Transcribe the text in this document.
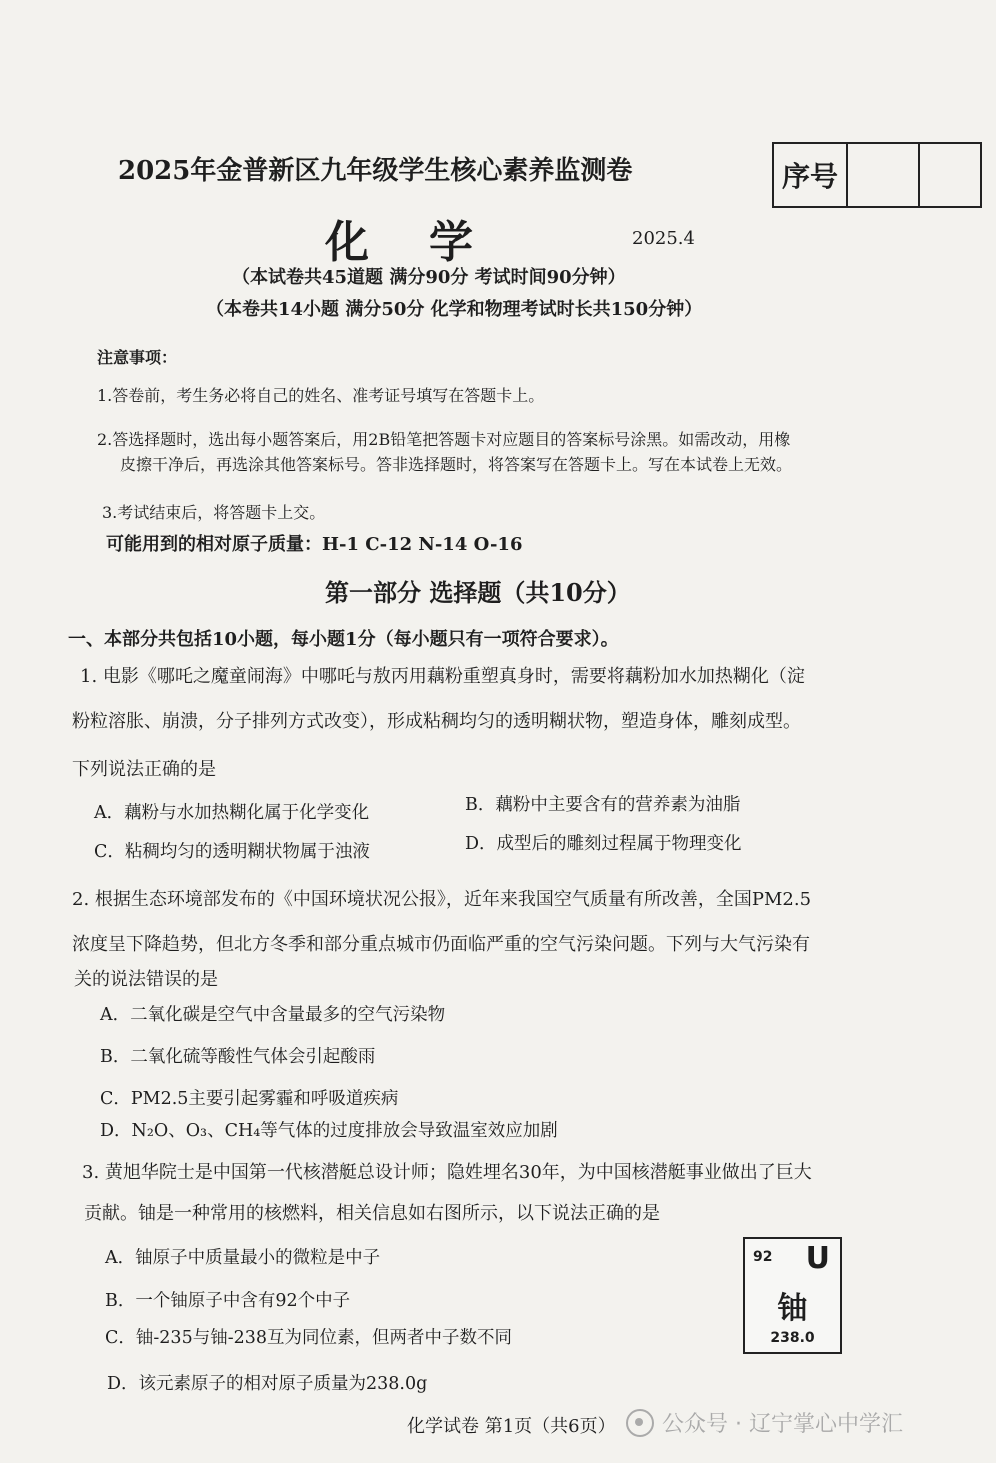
2025年金普新区九年级学生核心素养监测卷	序号
化学	2025.4
（本试卷共45道题 满分90分 考试时间90分钟）
（本卷共14小题 满分50分 化学和物理考试时长共150分钟）
注意事项：
1.答卷前，考生务必将自己的姓名、准考证号填写在答题卡上。
2.答选择题时，选出每小题答案后，用2B铅笔把答题卡对应题目的答案标号涂黑。如需改动，用橡
皮擦干净后，再选涂其他答案标号。答非选择题时，将答案写在答题卡上。写在本试卷上无效。
3.考试结束后，将答题卡上交。
可能用到的相对原子质量：H-1 C-12 N-14 O-16
第一部分 选择题（共10分）
一、本部分共包括10小题，每小题1分（每小题只有一项符合要求）。
1. 电影《哪吒之魔童闹海》中哪吒与敖丙用藕粉重塑真身时，需要将藕粉加水加热糊化（淀
粉粒溶胀、崩溃，分子排列方式改变），形成粘稠均匀的透明糊状物，塑造身体，雕刻成型。
下列说法正确的是
A．藕粉与水加热糊化属于化学变化	B．藕粉中主要含有的营养素为油脂
C．粘稠均匀的透明糊状物属于浊液	D．成型后的雕刻过程属于物理变化
2. 根据生态环境部发布的《中国环境状况公报》，近年来我国空气质量有所改善，全国PM2.5
浓度呈下降趋势，但北方冬季和部分重点城市仍面临严重的空气污染问题。下列与大气污染有
关的说法错误的是
A．二氧化碳是空气中含量最多的空气污染物
B．二氧化硫等酸性气体会引起酸雨
C．PM2.5主要引起雾霾和呼吸道疾病
D．N₂O、O₃、CH₄等气体的过度排放会导致温室效应加剧
3. 黄旭华院士是中国第一代核潜艇总设计师；隐姓埋名30年，为中国核潜艇事业做出了巨大
贡献。铀是一种常用的核燃料，相关信息如右图所示，以下说法正确的是
A．铀原子中质量最小的微粒是中子
B．一个铀原子中含有92个中子
C．铀-235与铀-238互为同位素，但两者中子数不同
D．该元素原子的相对原子质量为238.0g
92 U
铀
238.0
化学试卷 第1页（共6页） 公众号 · 辽宁掌心中学汇
